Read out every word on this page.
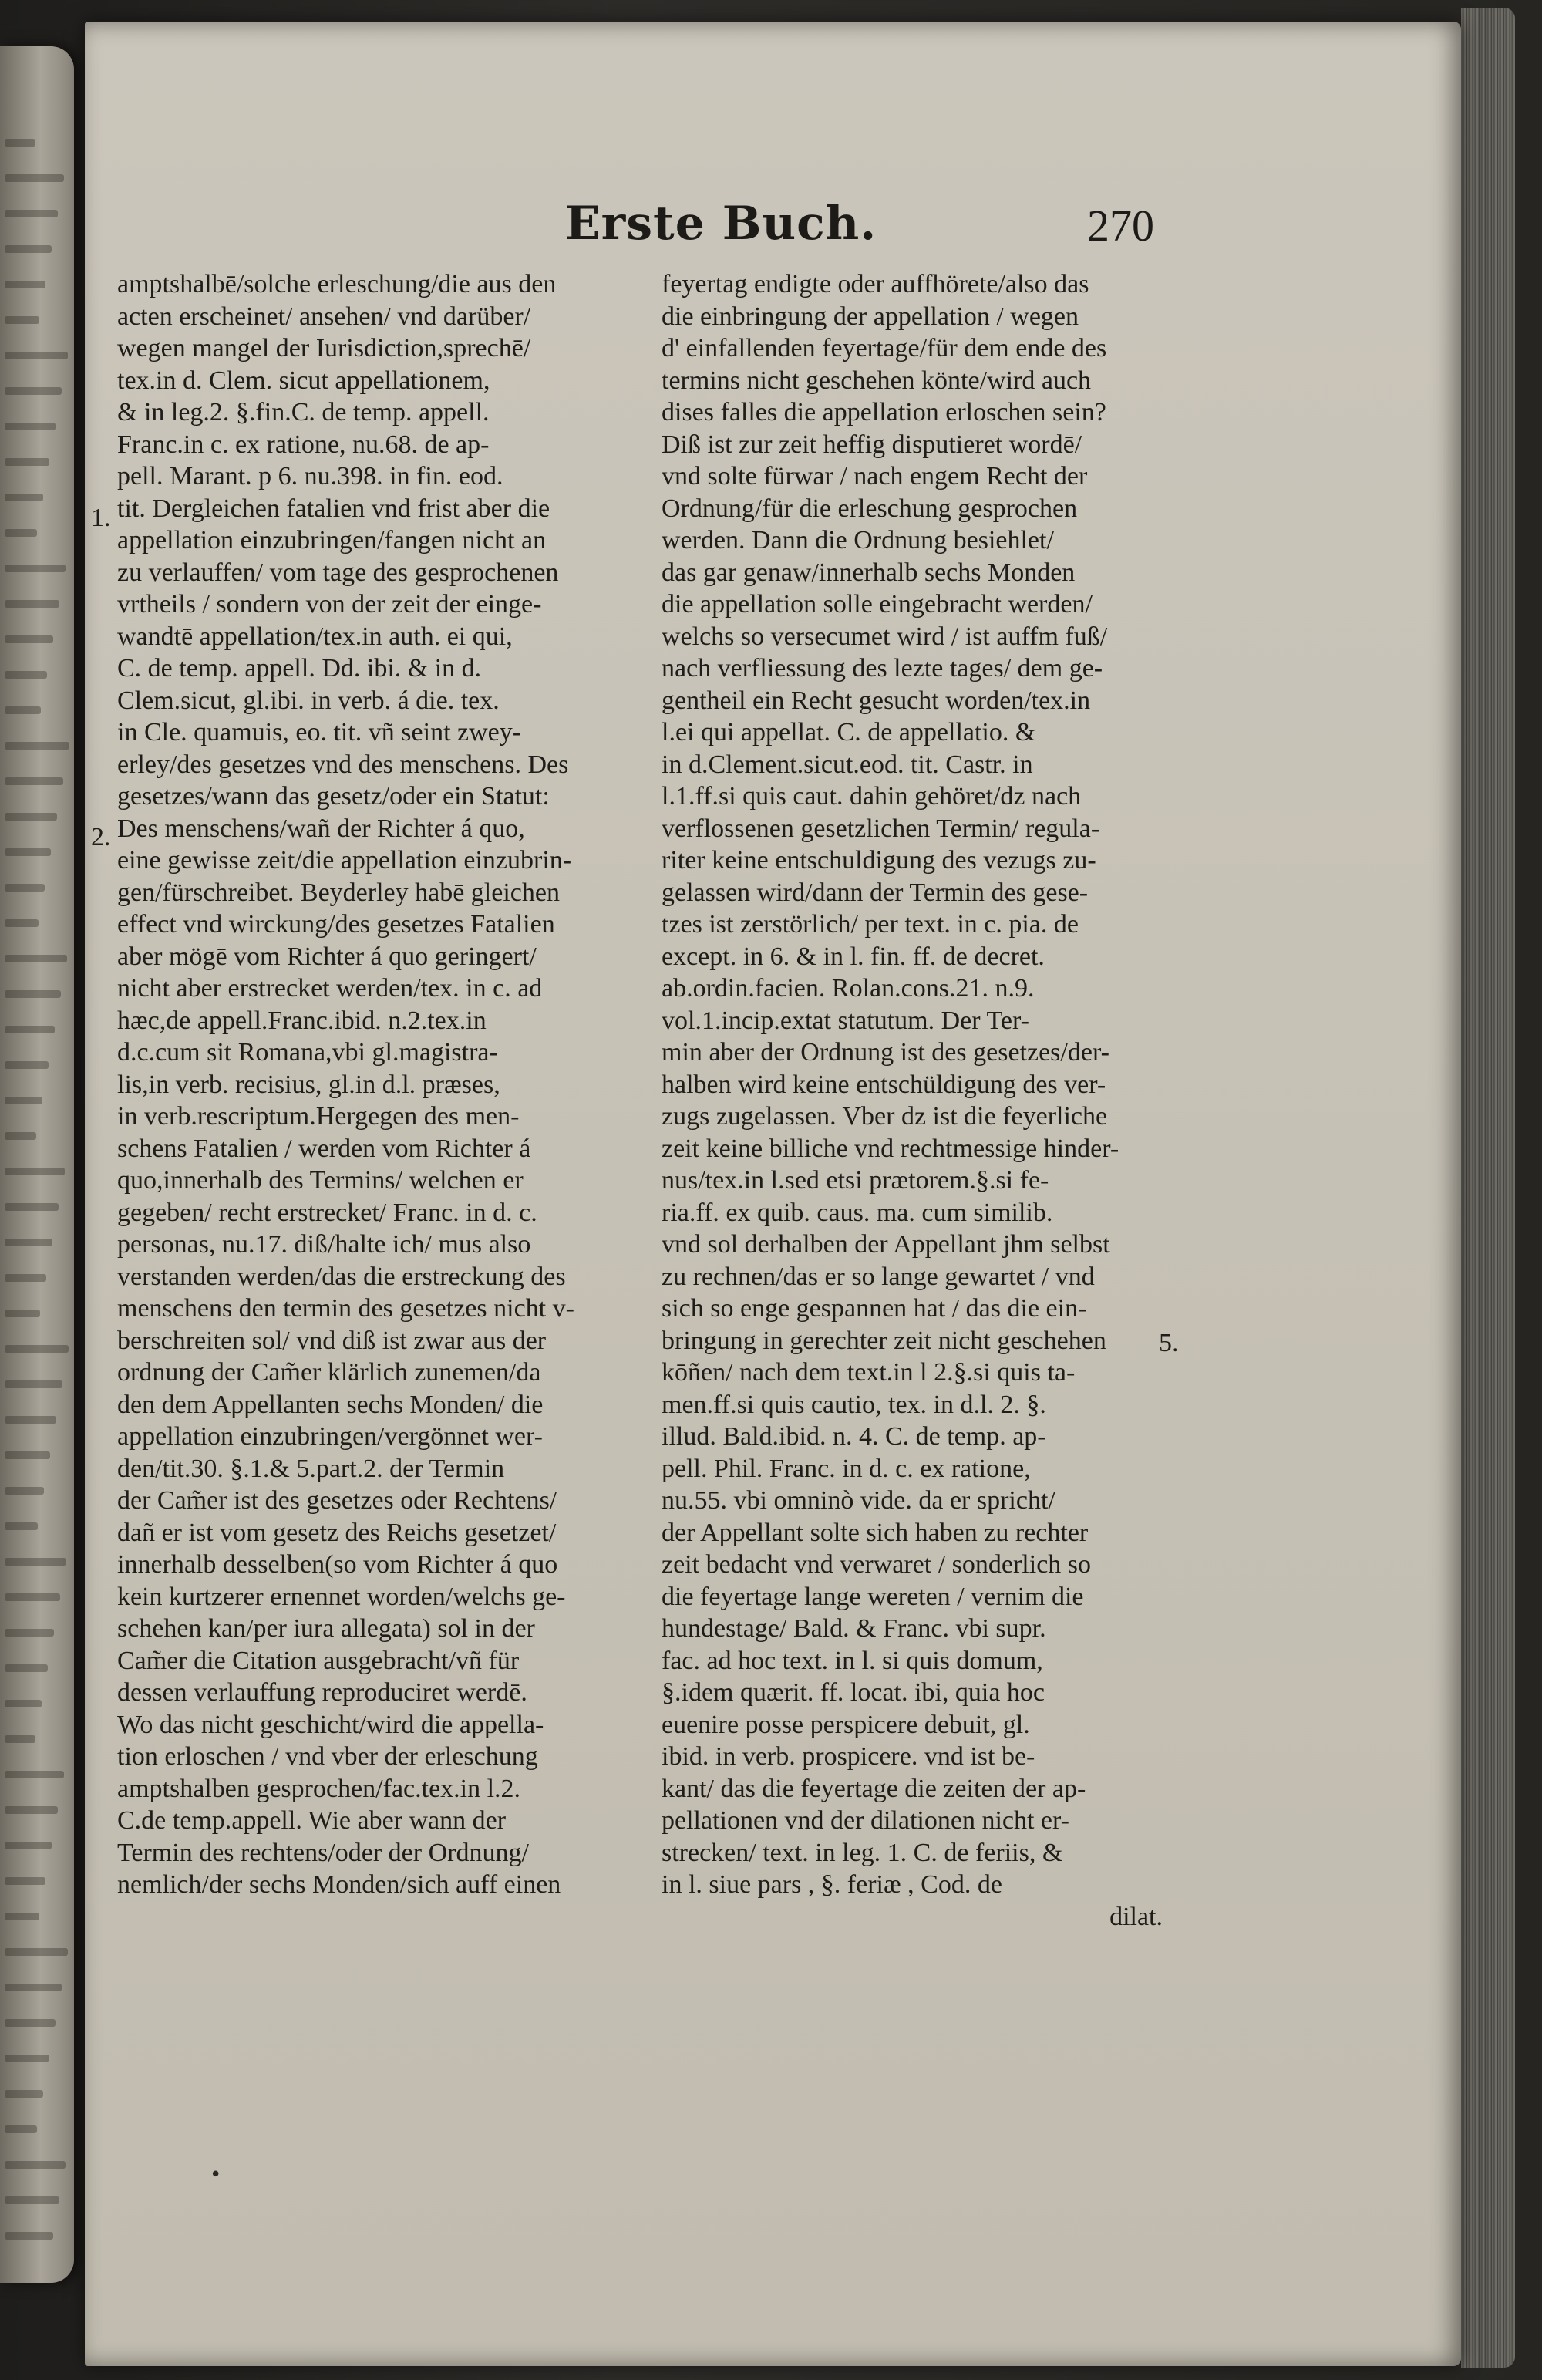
Erste Buch.	270
1.
2.
5.
•
amptshalbē/solche erleschung/die aus den
acten erscheinet/ ansehen/ vnd darüber/
wegen mangel der Iurisdiction,sprechē/
tex.in d. Clem. sicut appellationem,
& in leg.2. §.fin.C. de temp. appell.
Franc.in c. ex ratione, nu.68. de ap-
pell. Marant. p 6. nu.398. in fin. eod.
tit. Dergleichen fatalien vnd frist aber die
appellation einzubringen/fangen nicht an
zu verlauffen/ vom tage des gesprochenen
vrtheils / sondern von der zeit der einge-
wandtē appellation/tex.in auth. ei qui,
C. de temp. appell. Dd. ibi. & in d.
Clem.sicut, gl.ibi. in verb. á die. tex.
in Cle. quamuis, eo. tit. vñ seint zwey-
erley/des gesetzes vnd des menschens. Des
gesetzes/wann das gesetz/oder ein Statut:
Des menschens/wañ der Richter á quo,
eine gewisse zeit/die appellation einzubrin-
gen/fürschreibet. Beyderley habē gleichen
effect vnd wirckung/des gesetzes Fatalien
aber mögē vom Richter á quo geringert/
nicht aber erstrecket werden/tex. in c. ad
hæc,de appell.Franc.ibid. n.2.tex.in
d.c.cum sit Romana,vbi gl.magistra-
lis,in verb. recisius, gl.in d.l. præses,
in verb.rescriptum.Hergegen des men-
schens Fatalien / werden vom Richter á
quo,innerhalb des Termins/ welchen er
gegeben/ recht erstrecket/ Franc. in d. c.
personas, nu.17. diß/halte ich/ mus also
verstanden werden/das die erstreckung des
menschens den termin des gesetzes nicht v-
berschreiten sol/ vnd diß ist zwar aus der
ordnung der Cam̃er klärlich zunemen/da
den dem Appellanten sechs Monden/ die
appellation einzubringen/vergönnet wer-
den/tit.30. §.1.& 5.part.2. der Termin
der Cam̃er ist des gesetzes oder Rechtens/
dañ er ist vom gesetz des Reichs gesetzet/
innerhalb desselben(so vom Richter á quo
kein kurtzerer ernennet worden/welchs ge-
schehen kan/per iura allegata) sol in der
Cam̃er die Citation ausgebracht/vñ für
dessen verlauffung reproduciret werdē.
Wo das nicht geschicht/wird die appella-
tion erloschen / vnd vber der erleschung
amptshalben gesprochen/fac.tex.in l.2.
C.de temp.appell. Wie aber wann der
Termin des rechtens/oder der Ordnung/
nemlich/der sechs Monden/sich auff einen
feyertag endigte oder auffhörete/also das
die einbringung der appellation / wegen
d' einfallenden feyertage/für dem ende des
termins nicht geschehen könte/wird auch
dises falles die appellation erloschen sein?
Diß ist zur zeit heffig disputieret wordē/
vnd solte fürwar / nach engem Recht der
Ordnung/für die erleschung gesprochen
werden. Dann die Ordnung besiehlet/
das gar genaw/innerhalb sechs Monden
die appellation solle eingebracht werden/
welchs so versecumet wird / ist auffm fuß/
nach verfliessung des lezte tages/ dem ge-
gentheil ein Recht gesucht worden/tex.in
l.ei qui appellat. C. de appellatio. &
in d.Clement.sicut.eod. tit. Castr. in
l.1.ff.si quis caut. dahin gehöret/dz nach
verflossenen gesetzlichen Termin/ regula-
riter keine entschuldigung des vezugs zu-
gelassen wird/dann der Termin des gese-
tzes ist zerstörlich/ per text. in c. pia. de
except. in 6. & in l. fin. ff. de decret.
ab.ordin.facien. Rolan.cons.21. n.9.
vol.1.incip.extat statutum. Der Ter-
min aber der Ordnung ist des gesetzes/der-
halben wird keine entschüldigung des ver-
zugs zugelassen. Vber dz ist die feyerliche
zeit keine billiche vnd rechtmessige hinder-
nus/tex.in l.sed etsi prætorem.§.si fe-
ria.ff. ex quib. caus. ma. cum similib.
vnd sol derhalben der Appellant jhm selbst
zu rechnen/das er so lange gewartet / vnd
sich so enge gespannen hat / das die ein-
bringung in gerechter zeit nicht geschehen
kōñen/ nach dem text.in l 2.§.si quis ta-
men.ff.si quis cautio, tex. in d.l. 2. §.
illud. Bald.ibid. n. 4. C. de temp. ap-
pell. Phil. Franc. in d. c. ex ratione,
nu.55. vbi omninò vide. da er spricht/
der Appellant solte sich haben zu rechter
zeit bedacht vnd verwaret / sonderlich so
die feyertage lange wereten / vernim die
hundestage/ Bald. & Franc. vbi supr.
fac. ad hoc text. in l. si quis domum,
§.idem quærit. ff. locat. ibi, quia hoc
euenire posse perspicere debuit, gl.
ibid. in verb. prospicere. vnd ist be-
kant/ das die feyertage die zeiten der ap-
pellationen vnd der dilationen nicht er-
strecken/ text. in leg. 1. C. de feriis, &
in l. siue pars , §. feriæ , Cod. de
dilat.
